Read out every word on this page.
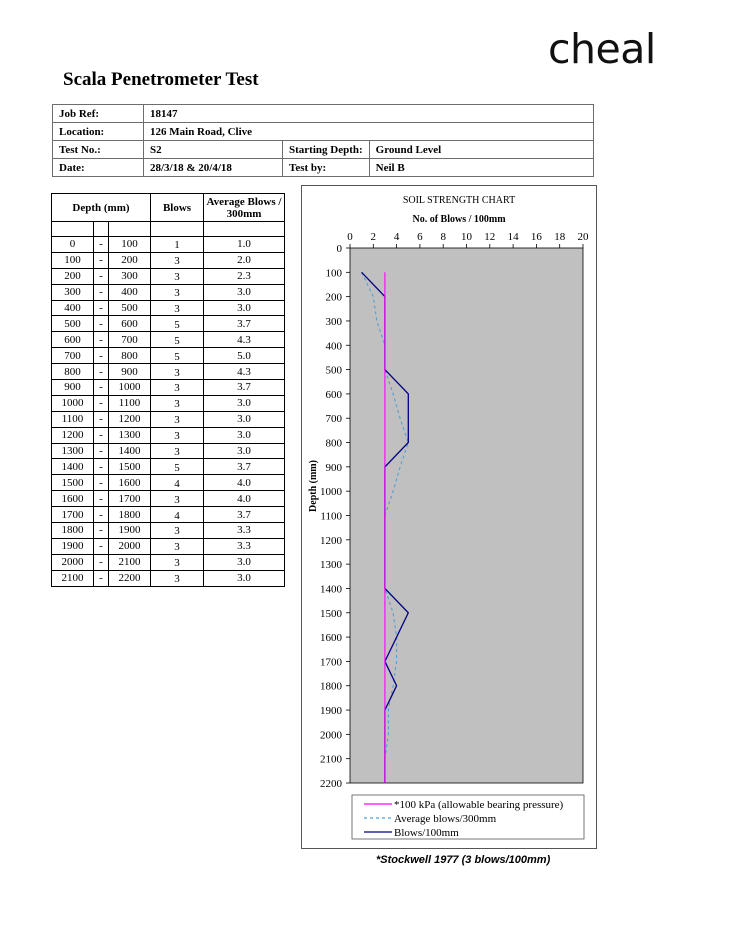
cheal
Scala Penetrometer Test
Job Ref:	18147		
Location:	126 Main Road, Clive		
Test No.:	S2	Starting Depth:	Ground Level
Date:	28/3/18 & 20/4/18	Test by:	Neil B
Depth (mm)			Blows	Average Blows / 300mm

0	-	100	1	1.0
100	-	200	3	2.0
200	-	300	3	2.3
300	-	400	3	3.0
400	-	500	3	3.0
500	-	600	5	3.7
600	-	700	5	4.3
700	-	800	5	5.0
800	-	900	3	4.3
900	-	1000	3	3.7
1000	-	1100	3	3.0
1100	-	1200	3	3.0
1200	-	1300	3	3.0
1300	-	1400	3	3.0
1400	-	1500	5	3.7
1500	-	1600	4	4.0
1600	-	1700	3	4.0
1700	-	1800	4	3.7
1800	-	1900	3	3.3
1900	-	2000	3	3.3
2000	-	2100	3	3.0
2100	-	2200	3	3.0
SOIL STRENGTH CHART
No. of Blows / 100mm
Depth (mm)
0 2 4 6 8 10 12 14 16 18 20
0
100
200
300
400
500
600
700
800
900
1000
1100
1200
1300
1400
1500
1600
1700
1800
1900
2000
2100
2200
*100 kPa (allowable bearing pressure)
Average blows/300mm
Blows/100mm
*Stockwell 1977 (3 blows/100mm)
